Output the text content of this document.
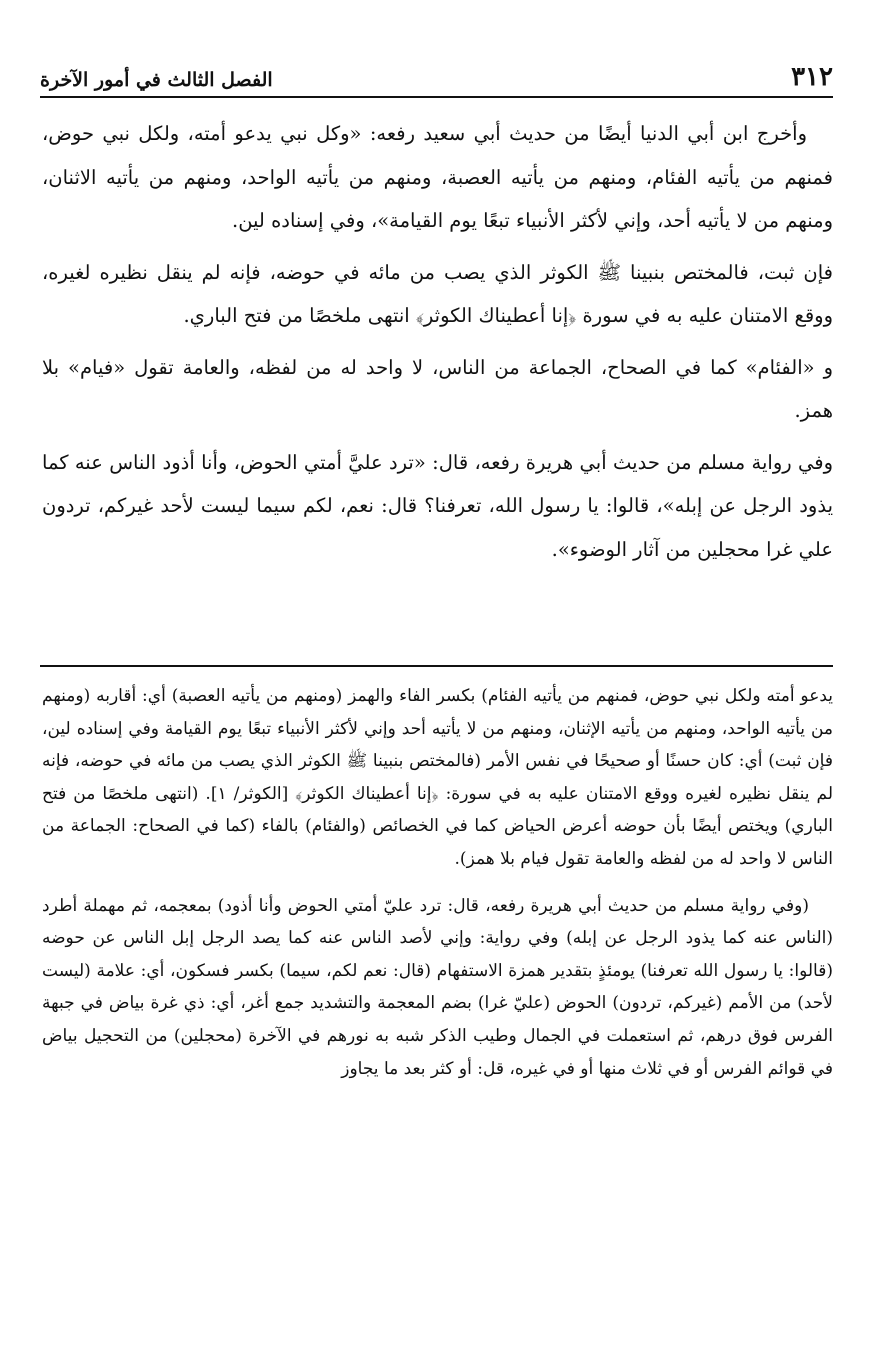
٣١٢
الفصل الثالث في أمور الآخرة

وأخرج ابن أبي الدنيا أيضًا من حديث أبي سعيد رفعه: «وكل نبي يدعو أمته، ولكل نبي حوض، فمنهم من يأتيه الفئام، ومنهم من يأتيه العصبة، ومنهم من يأتيه الواحد، ومنهم من يأتيه الاثنان، ومنهم من لا يأتيه أحد، وإني لأكثر الأنبياء تبعًا يوم القيامة»، وفي إسناده لين.

فإن ثبت، فالمختص بنبينا ﷺ الكوثر الذي يصب من مائه في حوضه، فإنه لم ينقل نظيره لغيره، ووقع الامتنان عليه به في سورة ﴿إنا أعطيناك الكوثر﴾ انتهى ملخصًا من فتح الباري.

و «الفئام» كما في الصحاح، الجماعة من الناس، لا واحد له من لفظه، والعامة تقول «فيام» بلا همز.

وفي رواية مسلم من حديث أبي هريرة رفعه، قال: «ترد عليَّ أمتي الحوض، وأنا أذود الناس عنه كما يذود الرجل عن إبله»، قالوا: يا رسول الله، تعرفنا؟ قال: نعم، لكم سيما ليست لأحد غيركم، تردون علي غرا محجلين من آثار الوضوء».

يدعو أمته ولكل نبي حوض، فمنهم من يأتيه الفئام) بكسر الفاء والهمز (ومنهم من يأتيه العصبة) أي: أقاربه (ومنهم من يأتيه الواحد، ومنهم من يأتيه الإثنان، ومنهم من لا يأتيه أحد وإني لأكثر الأنبياء تبعًا يوم القيامة وفي إسناده لين، فإن ثبت) أي: كان حسنًا أو صحيحًا في نفس الأمر (فالمختص بنبينا ﷺ الكوثر الذي يصب من مائه في حوضه، فإنه لم ينقل نظيره لغيره ووقع الامتنان عليه به في سورة: ﴿إنا أعطيناك الكوثر﴾ [الكوثر/ ١]. (انتهى ملخصًا من فتح الباري) ويختص أيضًا بأن حوضه أعرض الحياض كما في الخصائص (والفئام) بالفاء (كما في الصحاح: الجماعة من الناس لا واحد له من لفظه والعامة تقول فيام بلا همز).

(وفي رواية مسلم من حديث أبي هريرة رفعه، قال: ترد عليّ أمتي الحوض وأنا أذود) بمعجمه، ثم مهملة أطرد (الناس عنه كما يذود الرجل عن إبله) وفي رواية: وإني لأصد الناس عنه كما يصد الرجل إبل الناس عن حوضه (قالوا: يا رسول الله تعرفنا) يومئذٍ بتقدير همزة الاستفهام (قال: نعم لكم، سيما) بكسر فسكون، أي: علامة (ليست لأحد) من الأمم (غيركم، تردون) الحوض (عليّ غرا) بضم المعجمة والتشديد جمع أغر، أي: ذي غرة بياض في جبهة الفرس فوق درهم، ثم استعملت في الجمال وطيب الذكر شبه به نورهم في الآخرة (محجلين) من التحجيل بياض في قوائم الفرس أو في ثلاث منها أو في غيره، قل: أو كثر بعد ما يجاوز
